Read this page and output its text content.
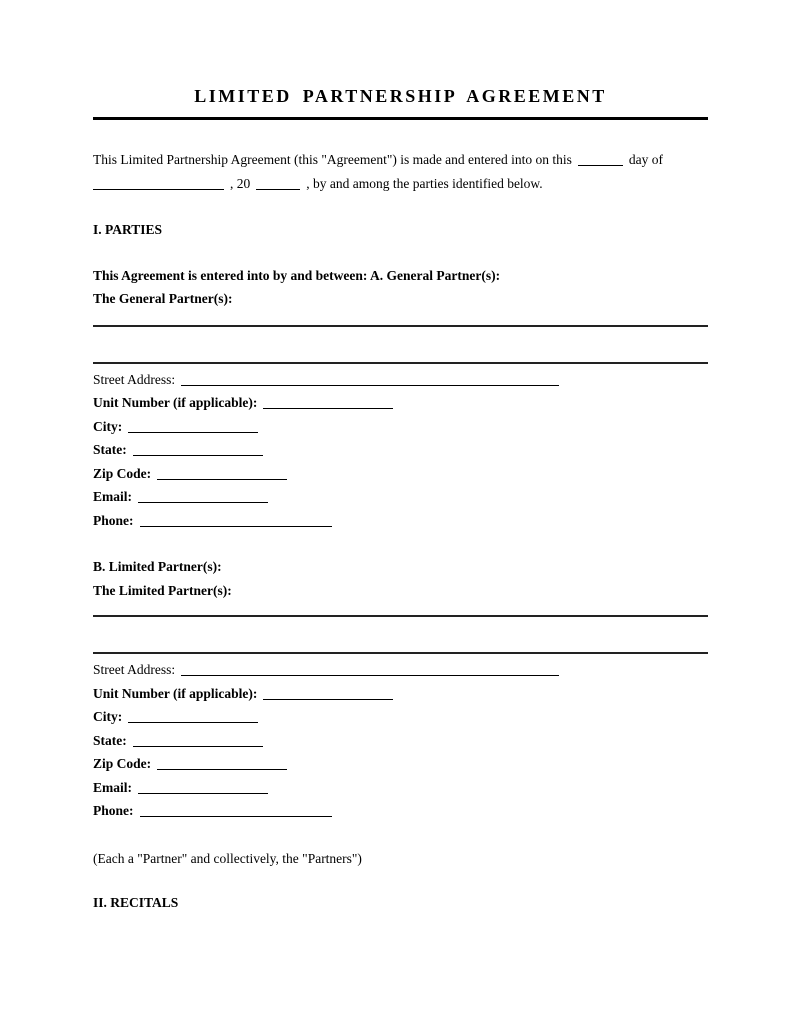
LIMITED PARTNERSHIP AGREEMENT

This Limited Partnership Agreement (this "Agreement") is made and entered into on this	day of
, 20	, by and among the parties identified below.

I. PARTIES
This Agreement is entered into by and between: A. General Partner(s):
The General Partner(s):
Street Address:
Unit Number (if applicable):
City:
State:
Zip Code:
Email:
Phone:
B. Limited Partner(s):
The Limited Partner(s):
Street Address:
Unit Number (if applicable):
City:
State:
Zip Code:
Email:
Phone:

(Each a "Partner" and collectively, the "Partners")

II. RECITALS
